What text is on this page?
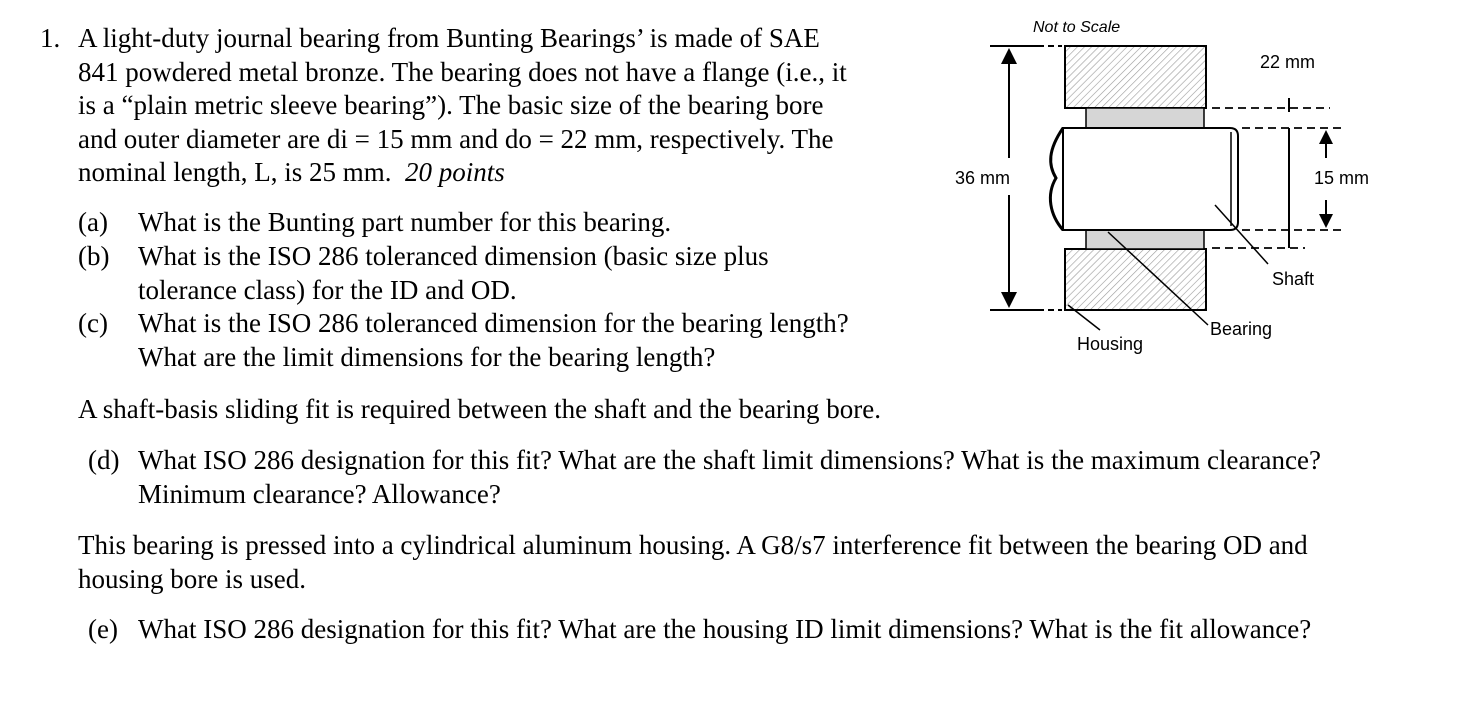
1. A light-duty journal bearing from Bunting Bearings’ is made of SAE
841 powdered metal bronze. The bearing does not have a flange (i.e., it
is a “plain metric sleeve bearing”). The basic size of the bearing bore
and outer diameter are di = 15 mm and do = 22 mm, respectively. The
nominal length, L, is 25 mm. 20 points
(a) What is the Bunting part number for this bearing.
(b) What is the ISO 286 toleranced dimension (basic size plus
tolerance class) for the ID and OD.
(c) What is the ISO 286 toleranced dimension for the bearing length?
What are the limit dimensions for the bearing length?
A shaft-basis sliding fit is required between the shaft and the bearing bore.
(d) What ISO 286 designation for this fit? What are the shaft limit dimensions? What is the maximum clearance?
Minimum clearance? Allowance?
This bearing is pressed into a cylindrical aluminum housing. A G8/s7 interference fit between the bearing OD and
housing bore is used.
(e) What ISO 286 designation for this fit? What are the housing ID limit dimensions? What is the fit allowance?
Not to Scale
36 mm
22 mm
15 mm
Shaft
Bearing
Housing
